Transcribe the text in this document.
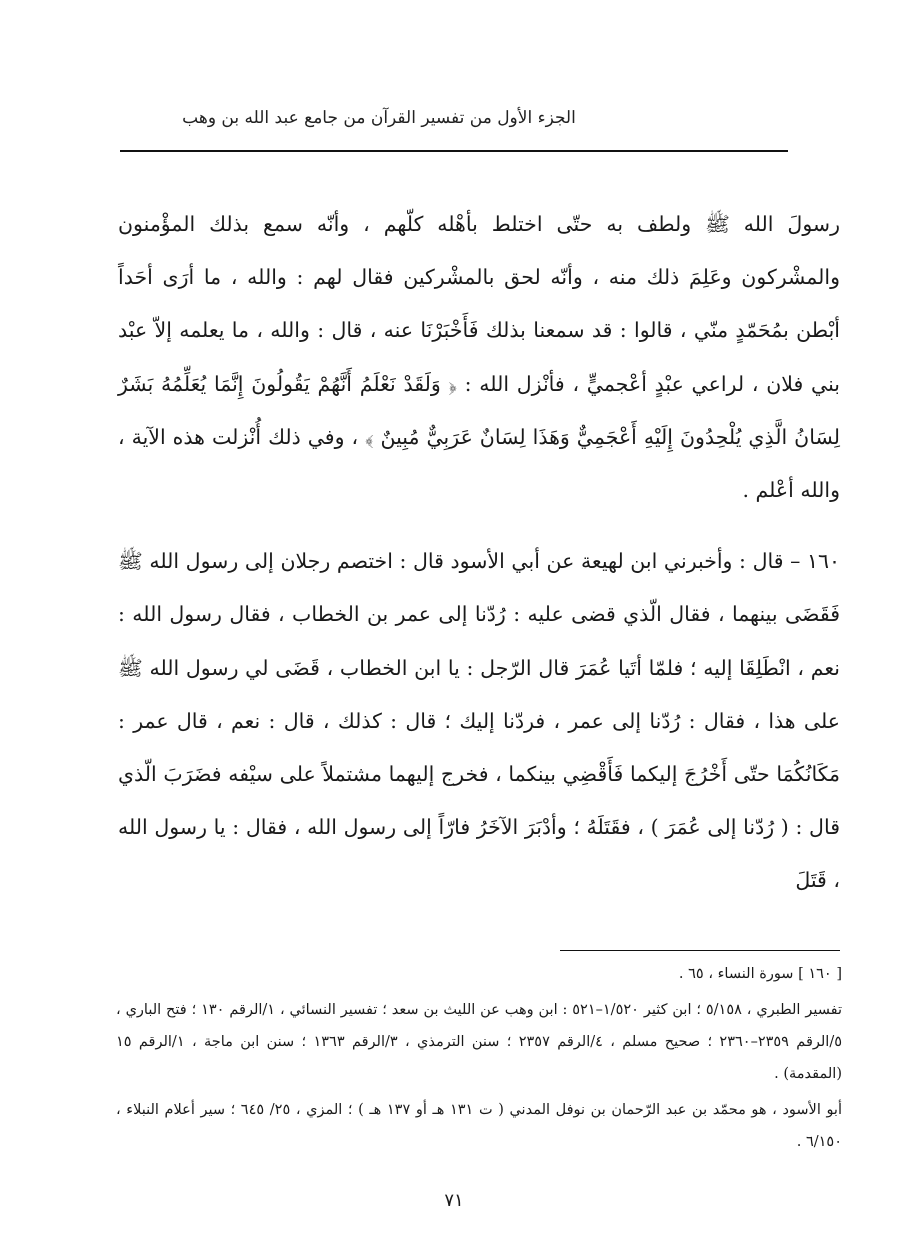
الجزء الأول من تفسير القرآن من جامع عبد الله بن وهب

رسولَ الله ﷺ ولطف به حتّى اختلط بأهْله كلّهم ، وأنّه سمع بذلك المؤْمنون والمشْركون وعَلِمَ ذلك منه ، وأنّه لحق بالمشْركين فقال لهم : والله ، ما أرَى أحَداً أبْطن بمُحَمّدٍ منّي ، قالوا : قد سمعنا بذلك فَأَخْبَرْنَا عنه ، قال : والله ، ما يعلمه إلاّ عبْد بني فلان ، لراعي عبْدٍ أعْجميٍّ ، فأنْزل الله : ﴿ وَلَقَدْ نَعْلَمُ أَنَّهُمْ يَقُولُونَ إِنَّمَا يُعَلِّمُهُ بَشَرٌ لِسَانُ الَّذِي يُلْحِدُونَ إِلَيْهِ أَعْجَمِيٌّ وَهَذَا لِسَانٌ عَرَبِيٌّ مُبِينٌ ﴾ ، وفي ذلك أُنْزلت هذه الآية ، والله أعْلم .

١٦٠ – قال : وأخبرني ابن لهيعة عن أبي الأسود قال : اختصم رجلان إلى رسول الله ﷺ فَقَضَى بينهما ، فقال الّذي قضى عليه : رُدّنا إلى عمر بن الخطاب ، فقال رسول الله : نعم ، انْطَلِقَا إليه ؛ فلمّا أتَيا عُمَرَ قال الرّجل : يا ابن الخطاب ، قَضَى لي رسول الله ﷺ على هذا ، فقال : رُدّنا إلى عمر ، فردّنا إليك ؛ قال : كذلك ، قال : نعم ، قال عمر : مَكَانُكُمَا حتّى أَخْرُجَ إليكما فَأَقْضِي بينكما ، فخرج إليهما مشتملاً على سيْفه فضَرَبَ الّذي قال : ( رُدّنا إلى عُمَرَ ) ، فقَتَلَهُ ؛ وأدْبَرَ الآخَرُ فارّاً إلى رسول الله ، فقال : يا رسول الله ، قَتَلَ

[ ١٦٠ ] سورة النساء ، ٦٥ .

تفسير الطبري ، ٥/١٥٨ ؛ ابن كثير ١/٥٢٠–٥٢١ : ابن وهب عن الليث بن سعد ؛ تفسير النسائي ، ١/الرقم ١٣٠ ؛ فتح الباري ، ٥/الرقم ٢٣٥٩–٢٣٦٠ ؛ صحيح مسلم ، ٤/الرقم ٢٣٥٧ ؛ سنن الترمذي ، ٣/الرقم ١٣٦٣ ؛ سنن ابن ماجة ، ١/الرقم ١٥ (المقدمة) .

أبو الأسود ، هو محمّد بن عبد الرّحمان بن نوفل المدني ( ت ١٣١ هـ أو ١٣٧ هـ ) ؛ المزي ، ٢٥/ ٦٤٥ ؛ سير أعلام النبلاء ، ٦/١٥٠ .

٧١
